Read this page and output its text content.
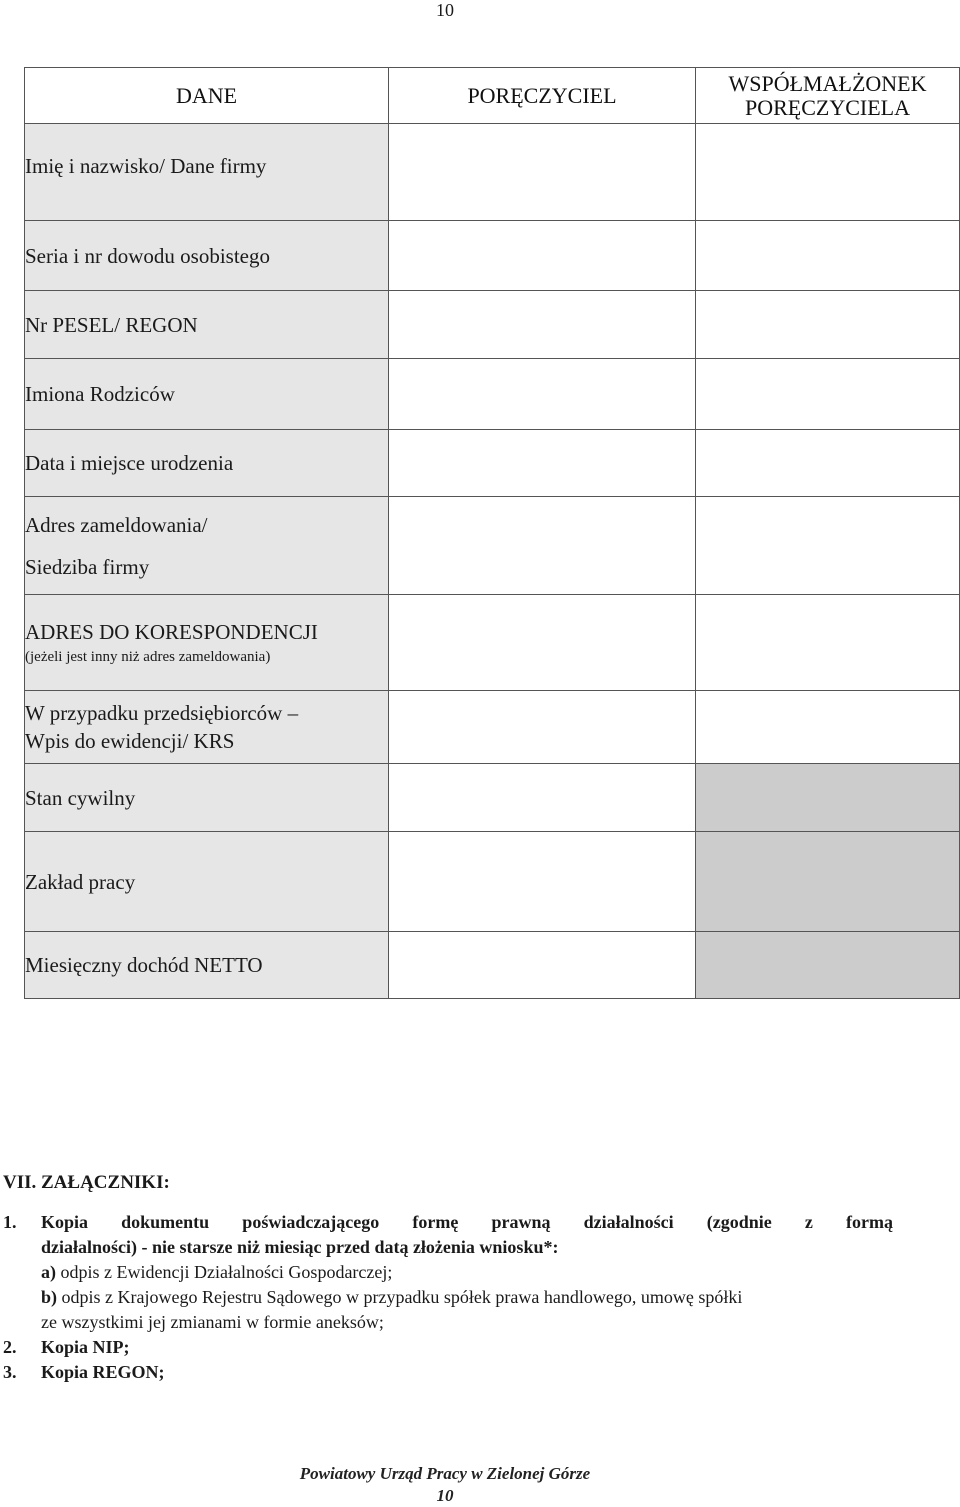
10
DANE	PORĘCZYCIEL	WSPÓŁMAŁŻONEK
PORĘCZYCIELA

Imię i nazwisko/ Dane firmy		
Seria i nr dowodu osobistego		
Nr PESEL/ REGON		
Imiona Rodziców		
Data i miejsce urodzenia		

Adres zameldowania/
Siedziba firmy		

ADRES DO KORESPONDENCJI
(jeżeli jest inny niż adres zameldowania)		

W przypadku przedsiębiorców –
Wpis do ewidencji/ KRS		

Stan cywilny		
Zakład pracy		
Miesięczny dochód NETTO		
VII. ZAŁĄCZNIKI:
1.	Kopia dokumentu poświadczającego formę prawną działalności (zgodnie z formą
działalności) - nie starsze niż miesiąc przed datą złożenia wniosku*:
a) odpis z Ewidencji Działalności Gospodarczej;
b) odpis z Krajowego Rejestru Sądowego w przypadku spółek prawa handlowego, umowę spółki
ze wszystkimi jej zmianami w formie aneksów;
2.	Kopia NIP;
3.	Kopia REGON;
Powiatowy Urząd Pracy w Zielonej Górze
10
